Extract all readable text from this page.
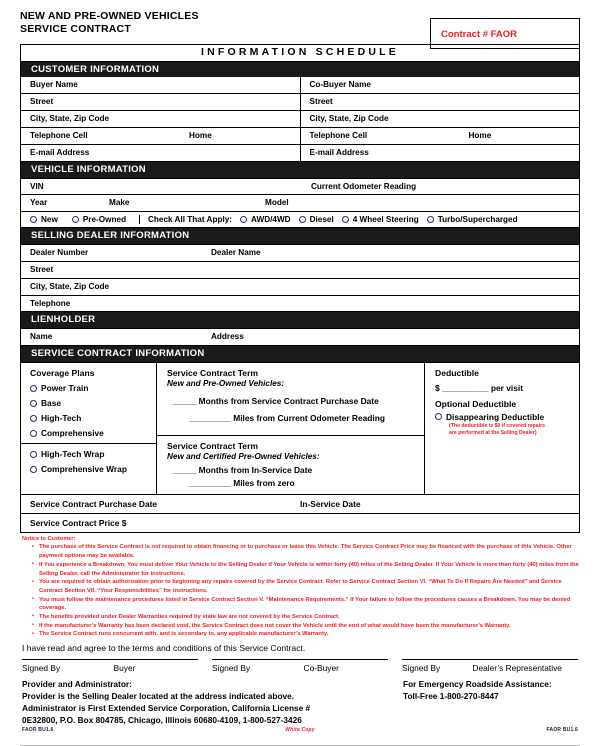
NEW AND PRE-OWNED VEHICLES
SERVICE CONTRACT	Contract # FAOR
INFORMATION SCHEDULE
CUSTOMER INFORMATION
Buyer Name	Co-Buyer Name
Street	Street
City, State, Zip Code	City, State, Zip Code
Telephone Cell	Home	Telephone Cell	Home
E-mail Address	E-mail Address
VEHICLE INFORMATION
VIN	Current Odometer Reading
Year	Make	Model
New	Pre-Owned	Check All That Apply: AWD/4WD Diesel 4 Wheel Steering Turbo/Supercharged
SELLING DEALER INFORMATION
Dealer Number	Dealer Name
Street
City, State, Zip Code
Telephone
LIENHOLDER
Name	Address
SERVICE CONTRACT INFORMATION
Coverage Plans
Power Train
Base
High-Tech
Comprehensive
High-Tech Wrap
Comprehensive Wrap
Service Contract Term
New and Pre-Owned Vehicles:
_____ Months from Service Contract Purchase Date
_________ Miles from Current Odometer Reading
Service Contract Term
New and Certified Pre-Owned Vehicles:
_____ Months from In-Service Date
_________ Miles from zero
Deductible
$ __________ per visit
Optional Deductible
Disappearing Deductible
(The deductible is $0 if covered repairs
are performed at the Selling Dealer)
Service Contract Purchase Date	In-Service Date
Service Contract Price $
Notice to Customer:
• The purchase of this Service Contract is not required to obtain financing or to purchase or lease this Vehicle. The Service Contract Price may be financed with the purchase of this Vehicle. Other payment options may be available.
• If You experience a Breakdown, You must deliver Your Vehicle to the Selling Dealer if Your Vehicle is within forty (40) miles of the Selling Dealer. If Your Vehicle is more than forty (40) miles from the Selling Dealer, call the Administrator for instructions.
• You are required to obtain authorization prior to beginning any repairs covered by the Service Contract. Refer to Service Contract Section VI. “What To Do If Repairs Are Needed” and Service Contract Section VII. “Your Responsibilities” for instructions.
• You must follow the maintenance procedures listed in Service Contract Section V. “Maintenance Requirements.” If Your failure to follow the procedures causes a Breakdown, You may be denied coverage.
• The benefits provided under Dealer Warranties required by state law are not covered by the Service Contract.
• If the manufacturer’s Warranty has been declared void, the Service Contract does not cover the Vehicle until the end of what would have been the manufacturer’s Warranty.
• The Service Contract runs concurrent with, and is secondary to, any applicable manufacturer’s Warranty.
I have read and agree to the terms and conditions of this Service Contract.
Signed By	Buyer	Signed By	Co-Buyer	Signed By	Dealer’s Representative
Provider and Administrator:
Provider is the Selling Dealer located at the address indicated above.
Administrator is First Extended Service Corporation, California License #
0E32800, P.O. Box 804785, Chicago, Illinois 60680-4109, 1-800-527-3426
For Emergency Roadside Assistance:
Toll-Free 1-800-270-8447
FAOR BU1.6	White Copy	FAOR BU1.6
